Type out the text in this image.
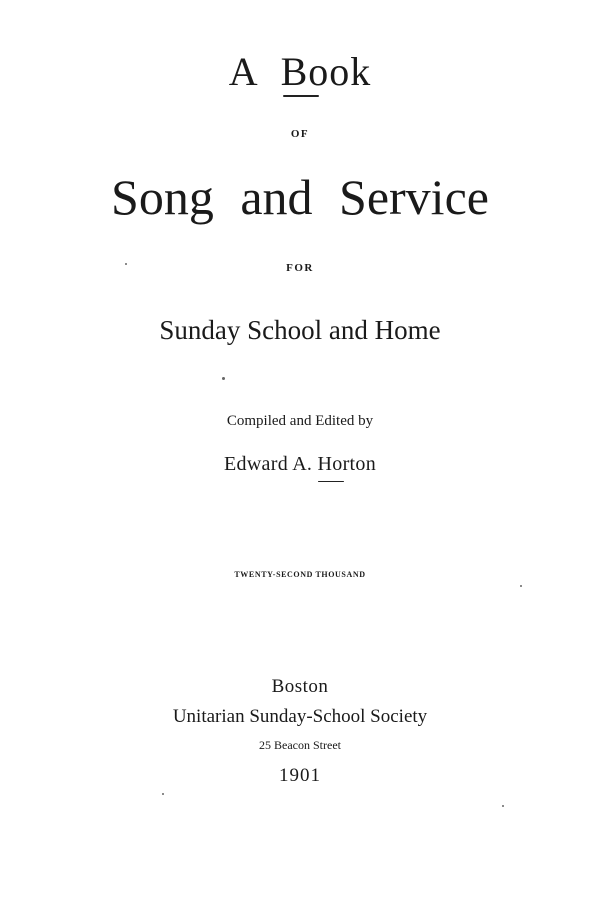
A Book
OF
Song and Service
FOR
Sunday School and Home
Compiled and Edited by
Edward A. Horton
TWENTY-SECOND THOUSAND
Boston
Unitarian Sunday-School Society
25 Beacon Street
1901
